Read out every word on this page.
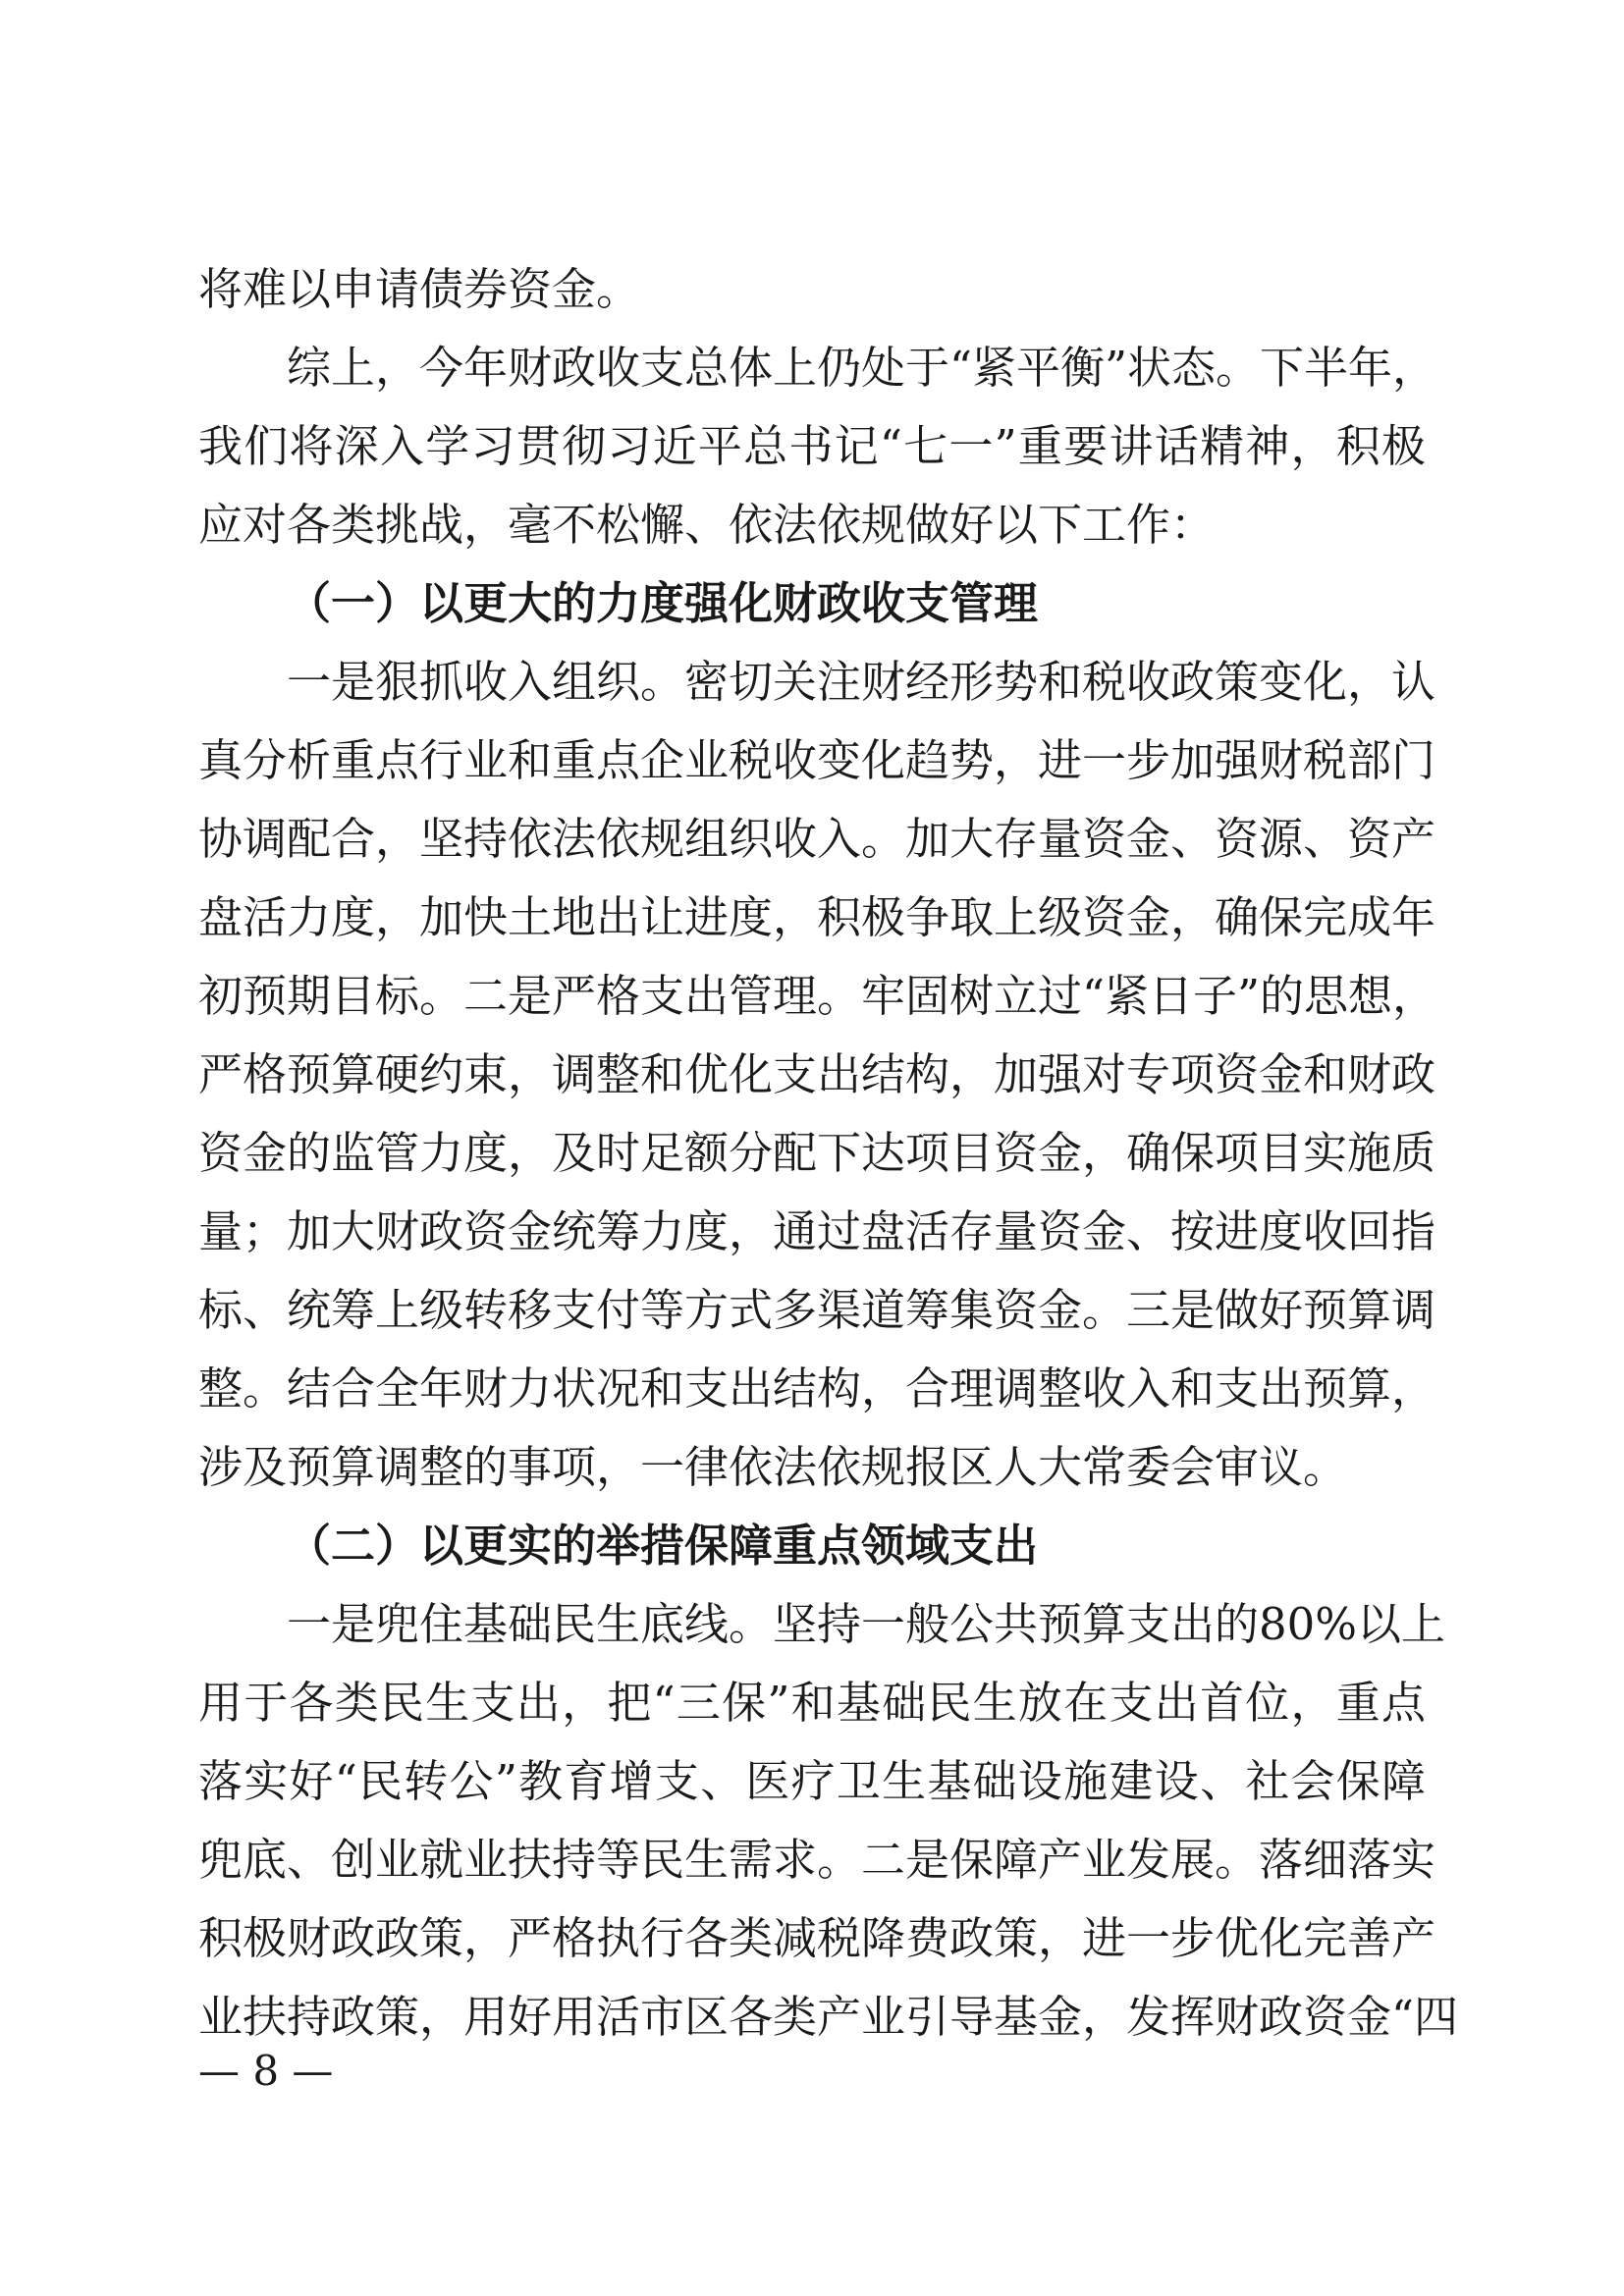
将难以申请债券资金。
综上，今年财政收支总体上仍处于“紧平衡”状态。下半年，
我们将深入学习贯彻习近平总书记“七一”重要讲话精神，积极
应对各类挑战，毫不松懈、依法依规做好以下工作：
（一）以更大的力度强化财政收支管理
一是狠抓收入组织。密切关注财经形势和税收政策变化，认
真分析重点行业和重点企业税收变化趋势，进一步加强财税部门
协调配合，坚持依法依规组织收入。加大存量资金、资源、资产
盘活力度，加快土地出让进度，积极争取上级资金，确保完成年
初预期目标。二是严格支出管理。牢固树立过“紧日子”的思想，
严格预算硬约束，调整和优化支出结构，加强对专项资金和财政
资金的监管力度，及时足额分配下达项目资金，确保项目实施质
量；加大财政资金统筹力度，通过盘活存量资金、按进度收回指
标、统筹上级转移支付等方式多渠道筹集资金。三是做好预算调
整。结合全年财力状况和支出结构，合理调整收入和支出预算，
涉及预算调整的事项，一律依法依规报区人大常委会审议。
（二）以更实的举措保障重点领域支出
一是兜住基础民生底线。坚持一般公共预算支出的80%以上
用于各类民生支出，把“三保”和基础民生放在支出首位，重点
落实好“民转公”教育增支、医疗卫生基础设施建设、社会保障
兜底、创业就业扶持等民生需求。二是保障产业发展。落细落实
积极财政政策，严格执行各类减税降费政策，进一步优化完善产
业扶持政策，用好用活市区各类产业引导基金，发挥财政资金“四
— 8 —
